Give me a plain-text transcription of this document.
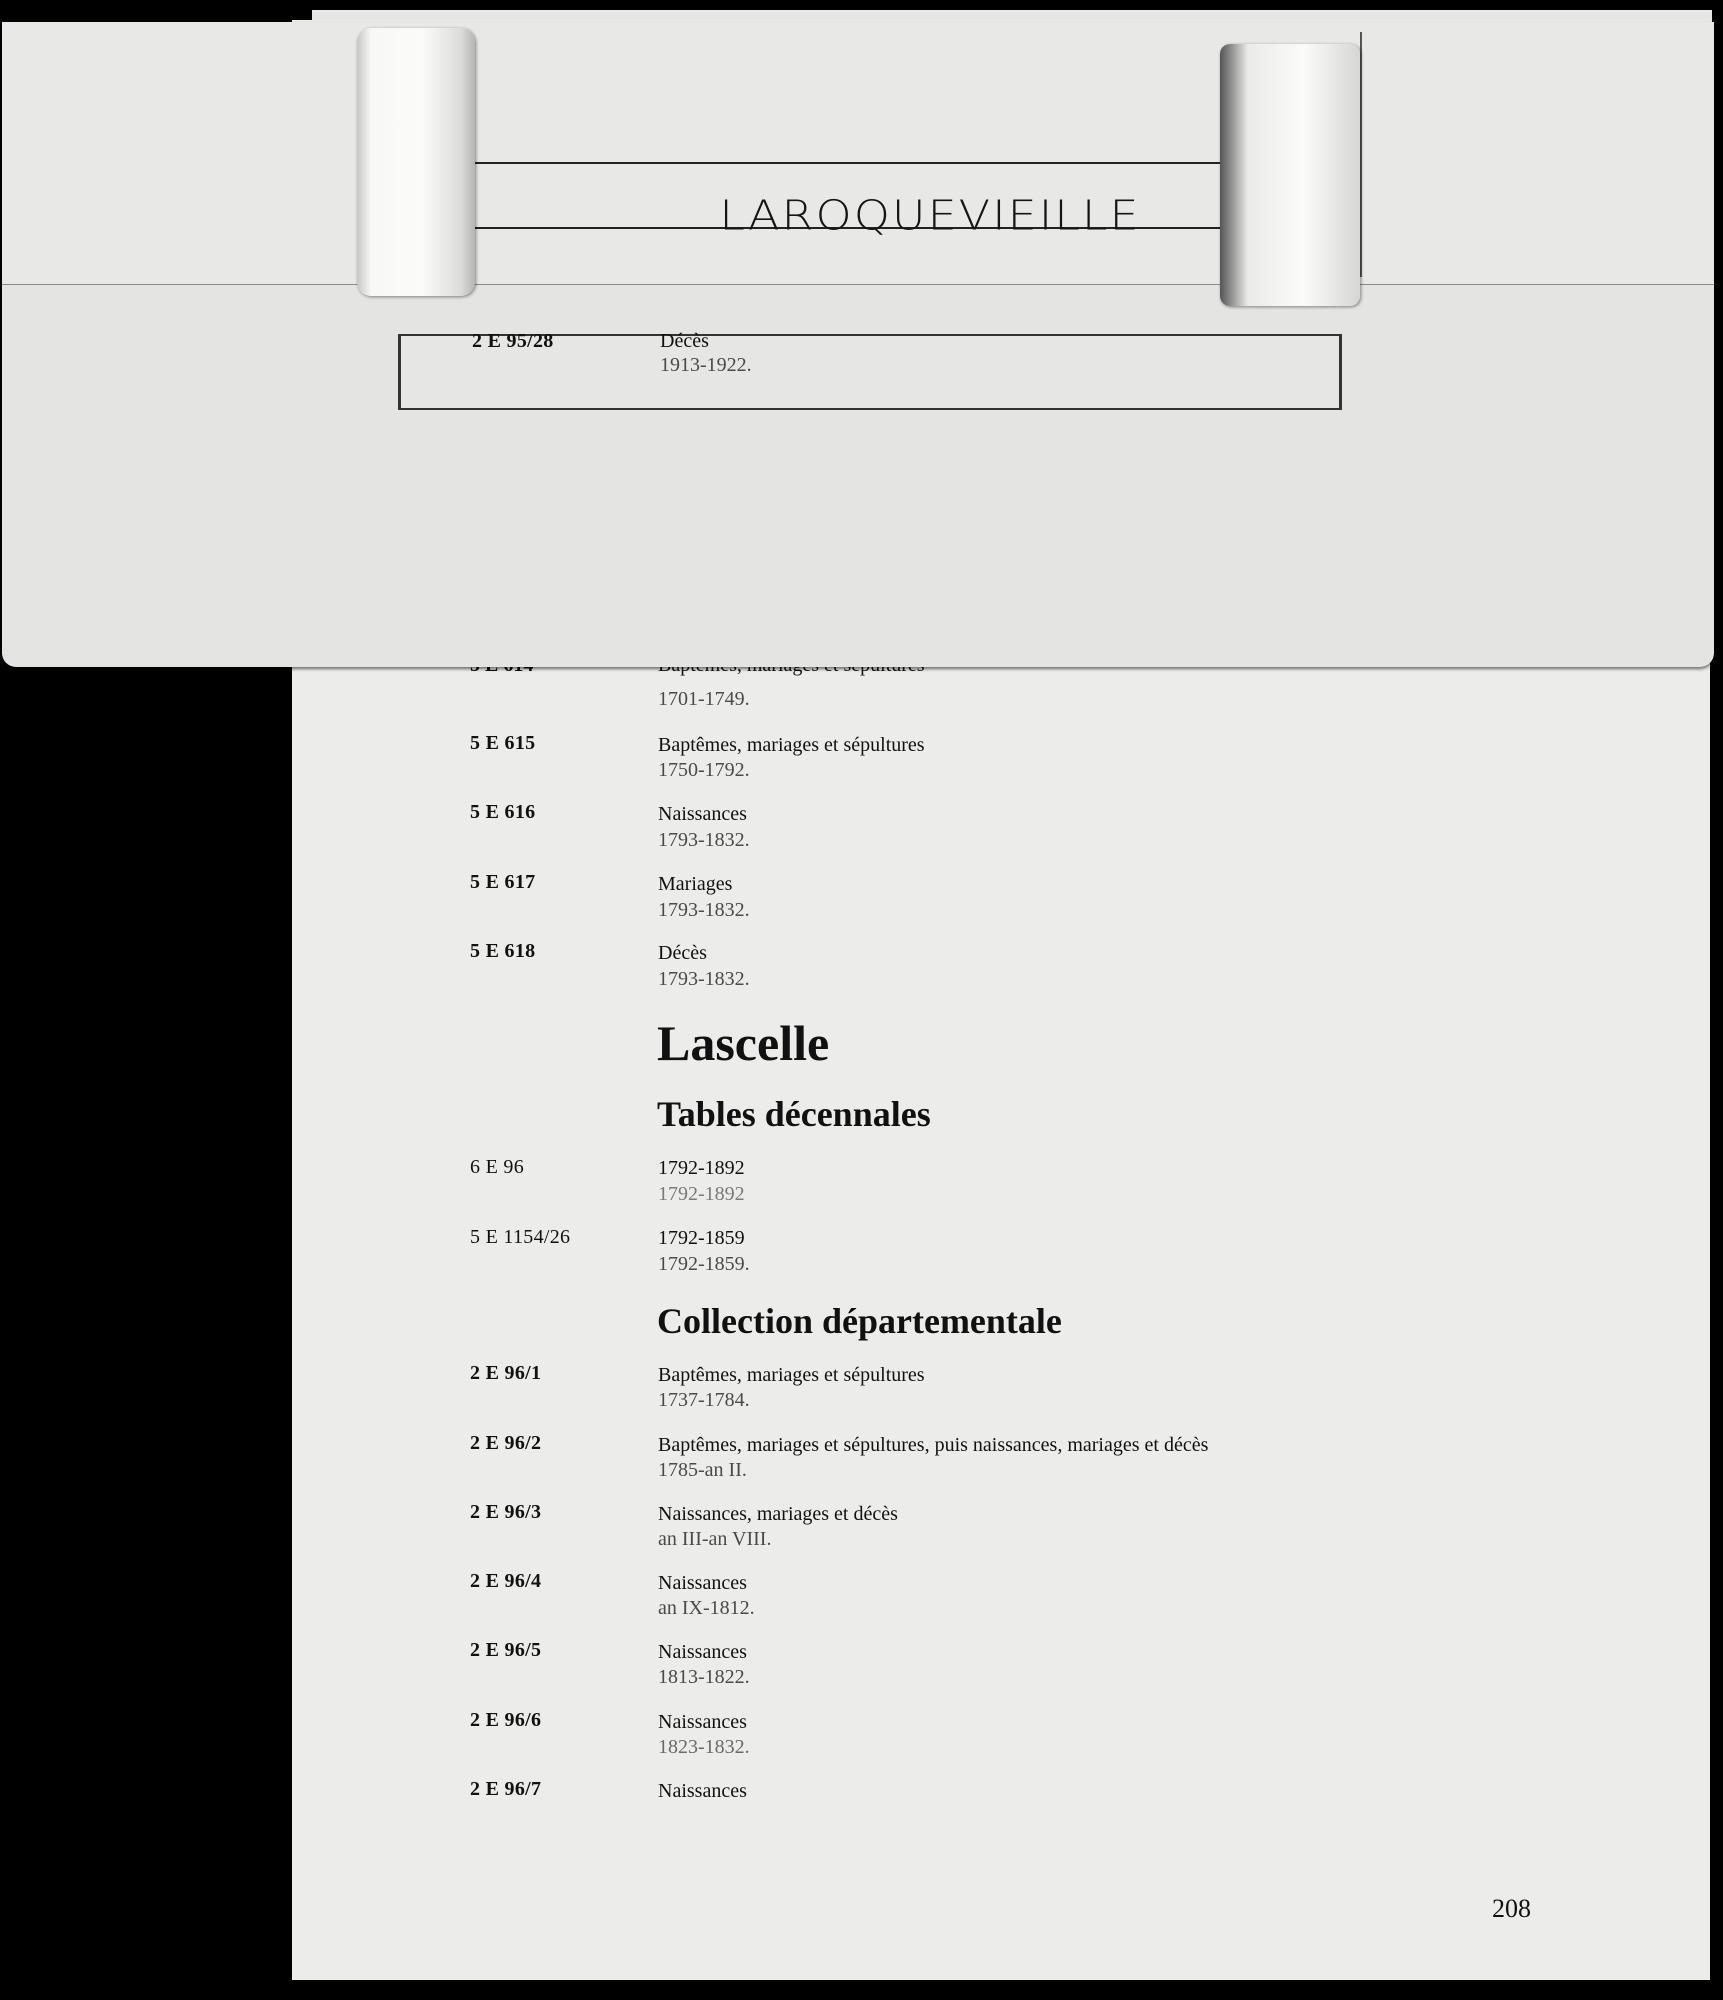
1701-1749.
5 E 615	Baptêmes, mariages et sépultures
1750-1792.
5 E 616	Naissances
1793-1832.
5 E 617	Mariages
1793-1832.
5 E 618	Décès
1793-1832.
Lascelle
Tables décennales
6 E 96	1792-1892
1792-1892
5 E 1154/26	1792-1859
1792-1859.
Collection départementale
2 E 96/1	Baptêmes, mariages et sépultures
1737-1784.
2 E 96/2	Baptêmes, mariages et sépultures, puis naissances, mariages et décès
1785-an II.
2 E 96/3	Naissances, mariages et décès
an III-an VIII.
2 E 96/4	Naissances
an IX-1812.
2 E 96/5	Naissances
1813-1822.
2 E 96/6	Naissances
1823-1832.
2 E 96/7	Naissances
208
LAROQUEVIEILLE
2 E 95/28	Décès
1913-1922.
